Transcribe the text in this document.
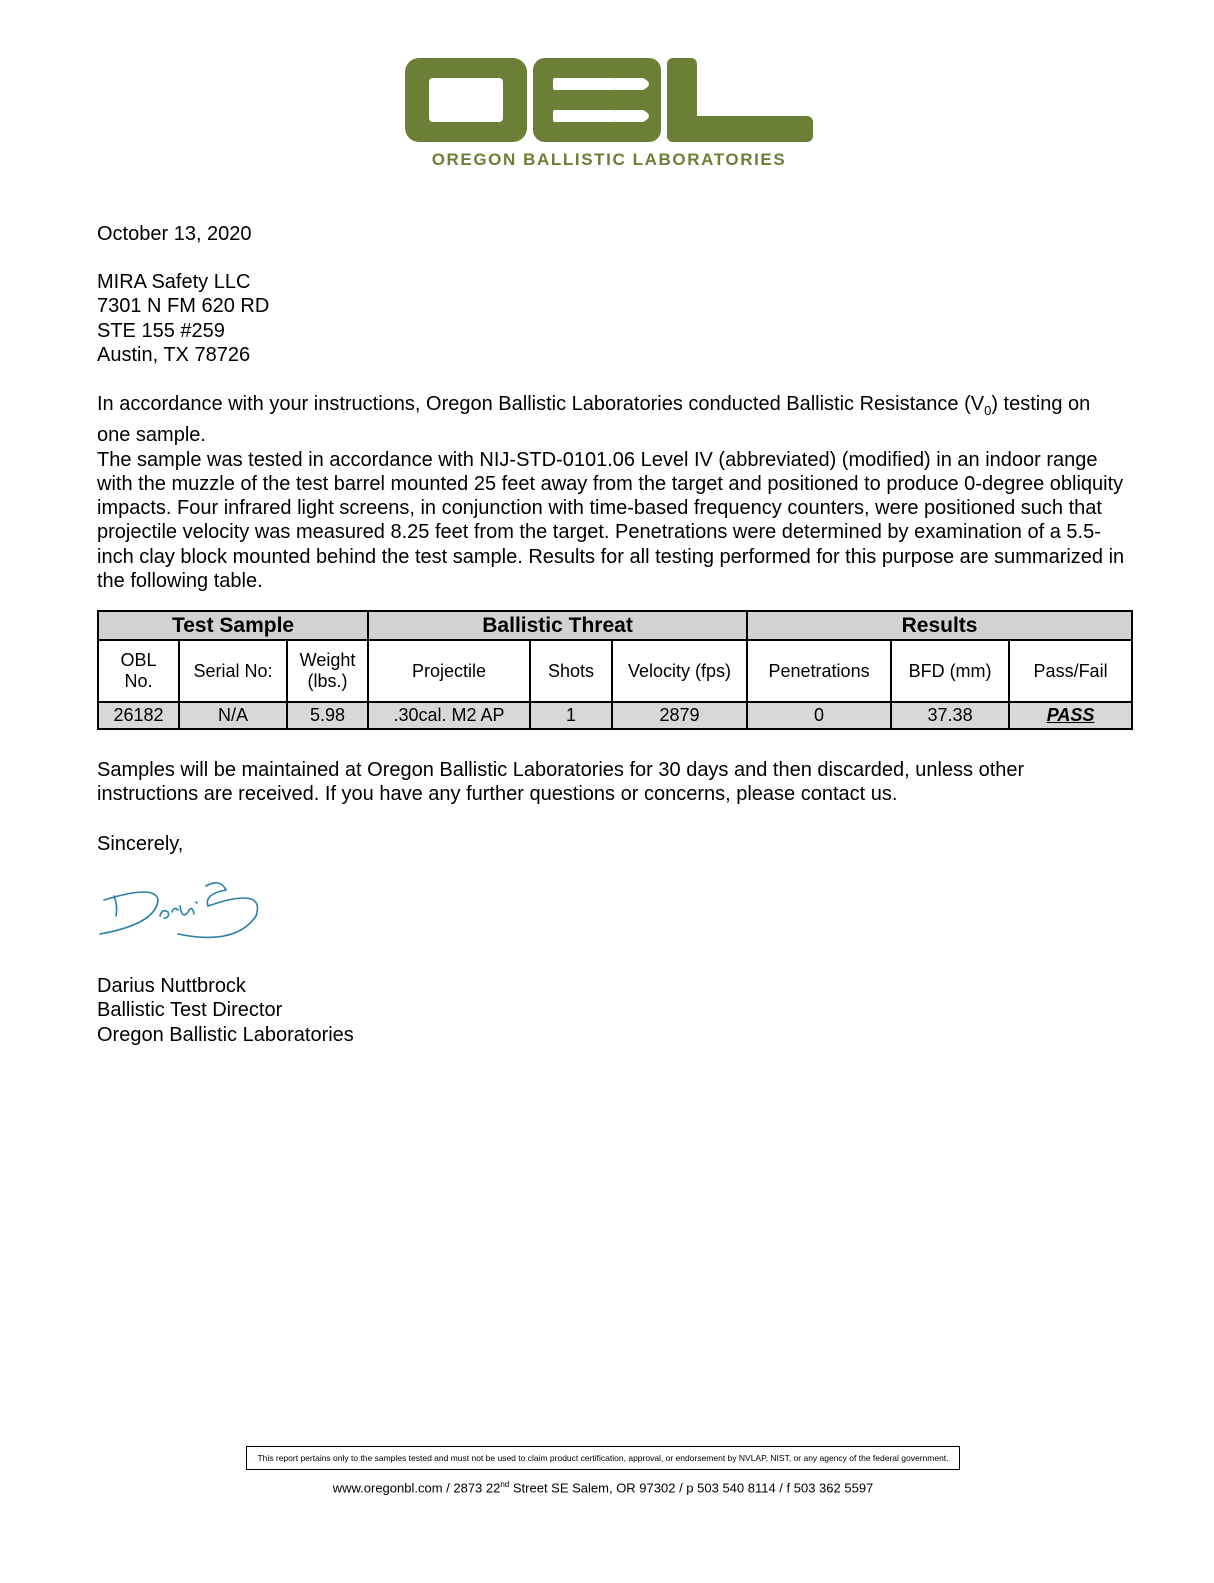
OREGON BALLISTIC LABORATORIES
October 13, 2020
MIRA Safety LLC
7301 N FM 620 RD
STE 155 #259
Austin, TX 78726
In accordance with your instructions, Oregon Ballistic Laboratories conducted Ballistic Resistance $(V_0)$ testing on one sample.
The sample was tested in accordance with NIJ-STD-0101.06 Level IV (abbreviated) (modified) in an indoor range with the muzzle of the test barrel mounted 25 feet away from the target and positioned to produce 0-degree obliquity impacts. Four infrared light screens, in conjunction with time-based frequency counters, were positioned such that projectile velocity was measured 8.25 feet from the target. Penetrations were determined by examination of a 5.5-inch clay block mounted behind the test sample. Results for all testing performed for this purpose are summarized in the following table.
Test Sample			Ballistic Threat			Results		
OBL No.	Serial No:	Weight (lbs.)	Projectile	Shots	Velocity (fps)	Penetrations	BFD (mm)	Pass/Fail
26182	N/A	5.98	.30cal. M2 AP	1	2879	0	37.38	PASS
Samples will be maintained at Oregon Ballistic Laboratories for 30 days and then discarded, unless other instructions are received. If you have any further questions or concerns, please contact us.
Sincerely,
Darius Nuttbrock
Ballistic Test Director
Oregon Ballistic Laboratories
This report pertains only to the samples tested and must not be used to claim product certification, approval, or endorsement by NVLAP, NIST, or any agency of the federal government.
www.oregonbl.com / 2873 22nd Street SE Salem, OR 97302 / p 503 540 8114 / f 503 362 5597
